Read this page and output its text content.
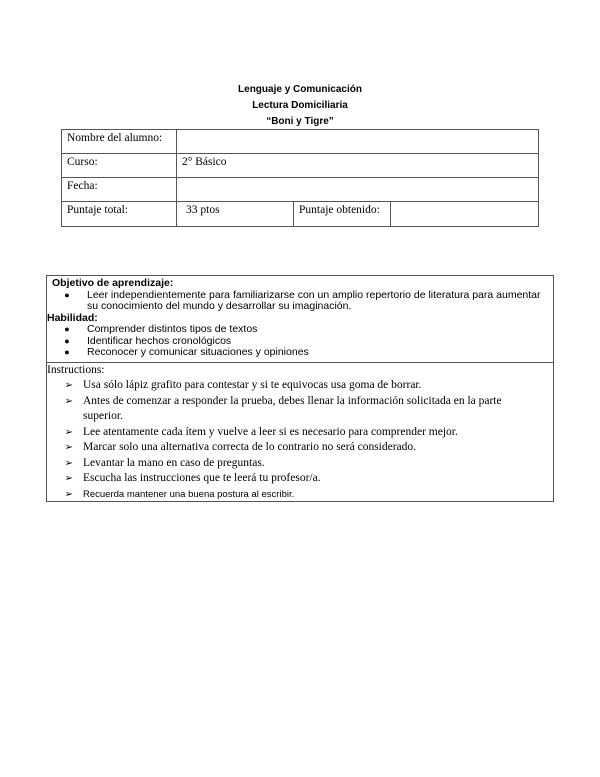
Lenguaje y Comunicación
Lectura Domiciliaria
“Boni y Tigre”
Nombre del alumno:			
Curso:	2° Básico		
Fecha:			
Puntaje total:	33 ptos	Puntaje obtenido:	
Objetivo de aprendizaje:
●	Leer independientemente para familiarizarse con un amplio repertorio de literatura para aumentar su conocimiento del mundo y desarrollar su imaginación.
Habilidad:
●	Comprender distintos tipos de textos
●	Identificar hechos cronológicos
●	Reconocer y comunicar situaciones y opiniones
Instructions:
➢ Usa sólo lápiz grafito para contestar y si te equivocas usa goma de borrar.
➢ Antes de comenzar a responder la prueba, debes llenar la información solicitada en la parte superior.
➢ Lee atentamente cada ítem y vuelve a leer si es necesario para comprender mejor.
➢ Marcar solo una alternativa correcta de lo contrario no será considerado.
➢ Levantar la mano en caso de preguntas.
➢ Escucha las instrucciones que te leerá tu profesor/a.
➢	Recuerda mantener una buena postura al escribir.
